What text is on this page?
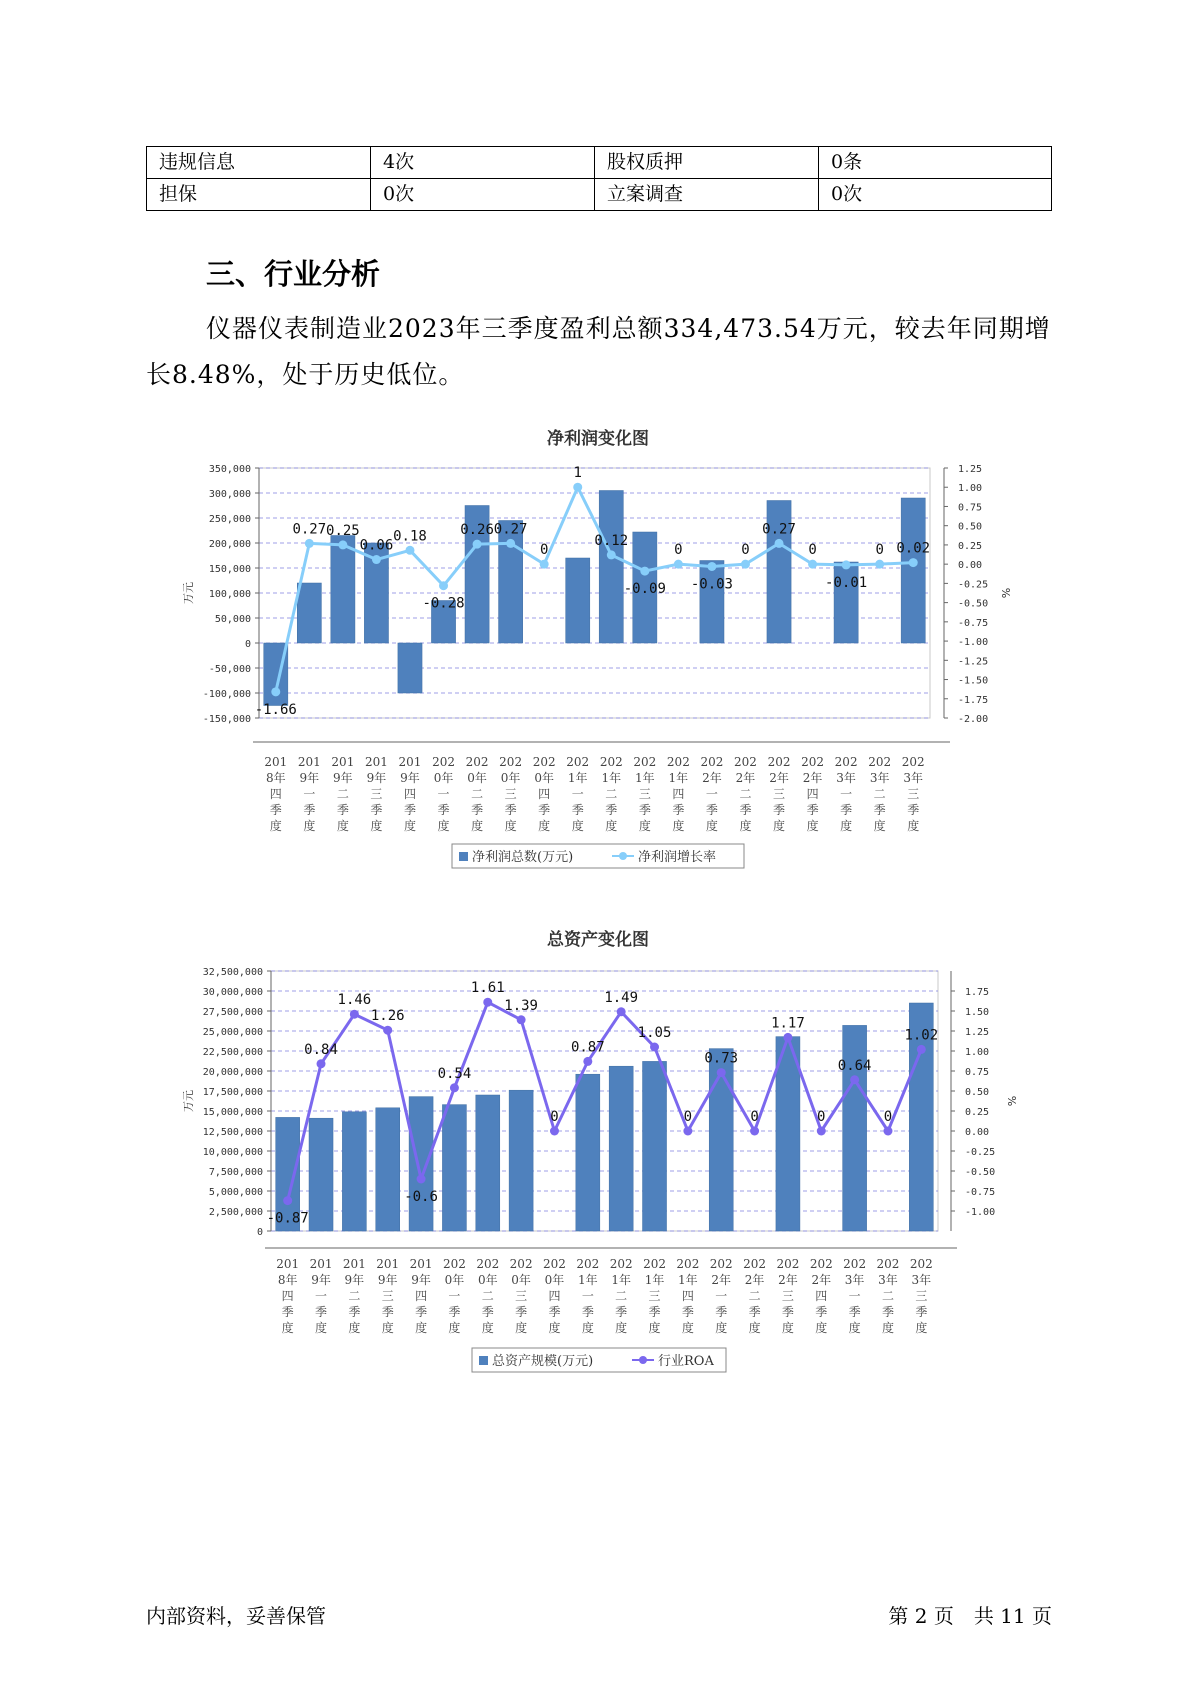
违规信息	4次	股权质押	0条
担保	0次	立案调查	0次
三、行业分析
仪器仪表制造业2023年三季度盈利总额334,473.54万元，较去年同期增长8.48%，处于历史低位。
净利润变化图
-150,000
-100,000
-50,000
0
50,000
100,000
150,000
200,000
250,000
300,000
350,000
-2.00
-1.75
-1.50
-1.25
-1.00
-0.75
-0.50
-0.25
0.00
0.25
0.50
0.75
1.00
1.25
万元	%
201 8年四季度
201 9年一季度
201 9年二季度
201 9年三季度
201 9年四季度
202 0年一季度
202 0年二季度
202 0年三季度
202 0年四季度
202 1年一季度
202 1年二季度
202 1年三季度
202 1年四季度
202 2年一季度
202 2年二季度
202 2年三季度
202 2年四季度
202 3年一季度
202 3年二季度
202 3年三季度
-1.66
0.27 0.25
0.06
0.18
-0.28
0.26 0.27
0
1
0.12
-0.09
0
-0.03
0
0.27
0
-0.01
0 0.02
净利润总数(万元)	净利润增长率
总资产变化图
0
2,500,000
5,000,000
7,500,000
10,000,000
12,500,000
15,000,000
17,500,000
20,000,000
22,500,000
25,000,000
27,500,000
30,000,000
32,500,000
-1.00
-0.75
-0.50
-0.25
0.00
0.25
0.50
0.75
1.00
1.25
1.50
1.75
万元	%
201 8年四季度
201 9年一季度
201 9年二季度
201 9年三季度
201 9年四季度
202 0年一季度
202 0年二季度
202 0年三季度
202 0年四季度
202 1年一季度
202 1年二季度
202 1年三季度
202 1年四季度
202 2年一季度
202 2年二季度
202 2年三季度
202 2年四季度
202 3年一季度
202 3年二季度
202 3年三季度
-0.87
0.84
1.46
1.26
-0.6
0.54
1.61
1.39
0
0.87
1.49
1.05
0
0.73
0
1.17
0
0.64
0
1.02
总资产规模(万元)	行业ROA
内部资料，妥善保管	第 2 页　共 11 页
